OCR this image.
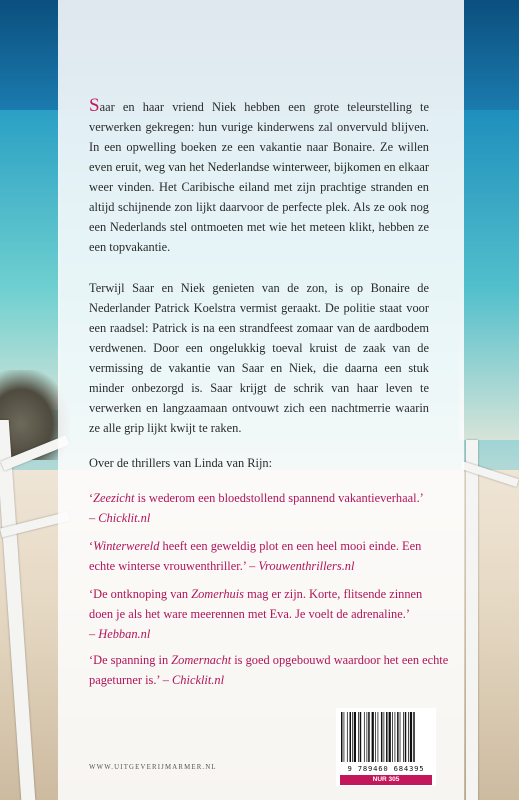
Saar en haar vriend Niek hebben een grote teleurstelling te verwerken gekregen: hun vurige kinderwens zal onvervuld blijven. In een opwelling boeken ze een vakantie naar Bonaire. Ze willen even eruit, weg van het Nederlandse winterweer, bijkomen en elkaar weer vinden. Het Caribische eiland met zijn prachtige stranden en altijd schijnende zon lijkt daarvoor de perfecte plek. Als ze ook nog een Nederlands stel ontmoeten met wie het meteen klikt, hebben ze een topvakantie.
Terwijl Saar en Niek genieten van de zon, is op Bonaire de Nederlander Patrick Koelstra vermist geraakt. De politie staat voor een raadsel: Patrick is na een strandfeest zomaar van de aardbodem verdwenen. Door een ongelukkig toeval kruist de zaak van de vermissing de vakantie van Saar en Niek, die daarna een stuk minder onbezorgd is. Saar krijgt de schrik van haar leven te verwerken en langzaamaan ontvouwt zich een nachtmerrie waarin ze alle grip lijkt kwijt te raken.
Over de thrillers van Linda van Rijn:
‘Zeezicht is wederom een bloedstollend spannend vakantieverhaal.’
– Chicklit.nl
‘Winterwereld heeft een geweldig plot en een heel mooi einde. Een echte winterse vrouwenthriller.’ – Vrouwenthrillers.nl
‘De ontknoping van Zomerhuis mag er zijn. Korte, flitsende zinnen doen je als het ware meerennen met Eva. Je voelt de adrenaline.’
– Hebban.nl
‘De spanning in Zomernacht is goed opgebouwd waardoor het een echte pageturner is.’ – Chicklit.nl
WWW.UITGEVERIJMARMER.NL	9 789460 684395
NUR 305
